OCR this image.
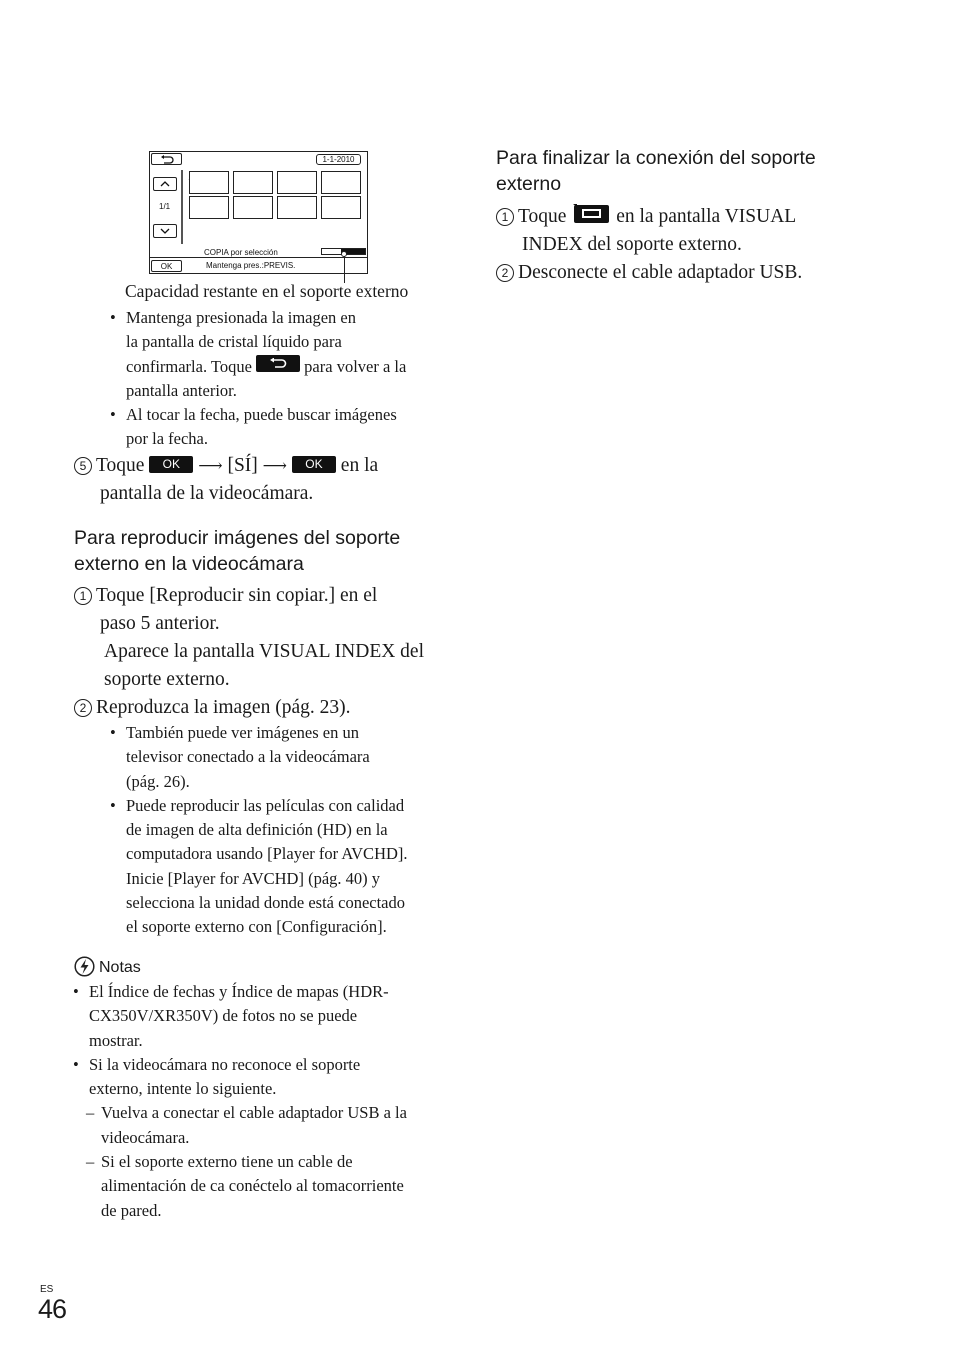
1-1-2010
1/1
COPIA por selección
OK	Mantenga pres.:PREVIS.
Capacidad restante en el soporte externo
• Mantenga presionada la imagen en
la pantalla de cristal líquido para
confirmarla. Toque	para volver a la
pantalla anterior.
• Al tocar la fecha, puede buscar imágenes
por la fecha.
5 Toque OK ⟶ [SÍ] ⟶ OK en la
pantalla de la videocámara.
Para reproducir imágenes del soporte
externo en la videocámara
1 Toque [Reproducir sin copiar.] en el
paso 5 anterior.
Aparece la pantalla VISUAL INDEX del
soporte externo.
2 Reproduzca la imagen (pág. 23).
• También puede ver imágenes en un
televisor conectado a la videocámara
(pág. 26).
• Puede reproducir las películas con calidad
de imagen de alta definición (HD) en la
computadora usando [Player for AVCHD].
Inicie [Player for AVCHD] (pág. 40) y
selecciona la unidad donde está conectado
el soporte externo con [Configuración].
Notas
• El Índice de fechas y Índice de mapas (HDR-
CX350V/XR350V) de fotos no se puede
mostrar.
• Si la videocámara no reconoce el soporte
externo, intente lo siguiente.
– Vuelva a conectar el cable adaptador USB a la
videocámara.
– Si el soporte externo tiene un cable de
alimentación de ca conéctelo al tomacorriente
de pared.
Para finalizar la conexión del soporte
externo
1 Toque	en la pantalla VISUAL
INDEX del soporte externo.
2 Desconecte el cable adaptador USB.
ES
46
